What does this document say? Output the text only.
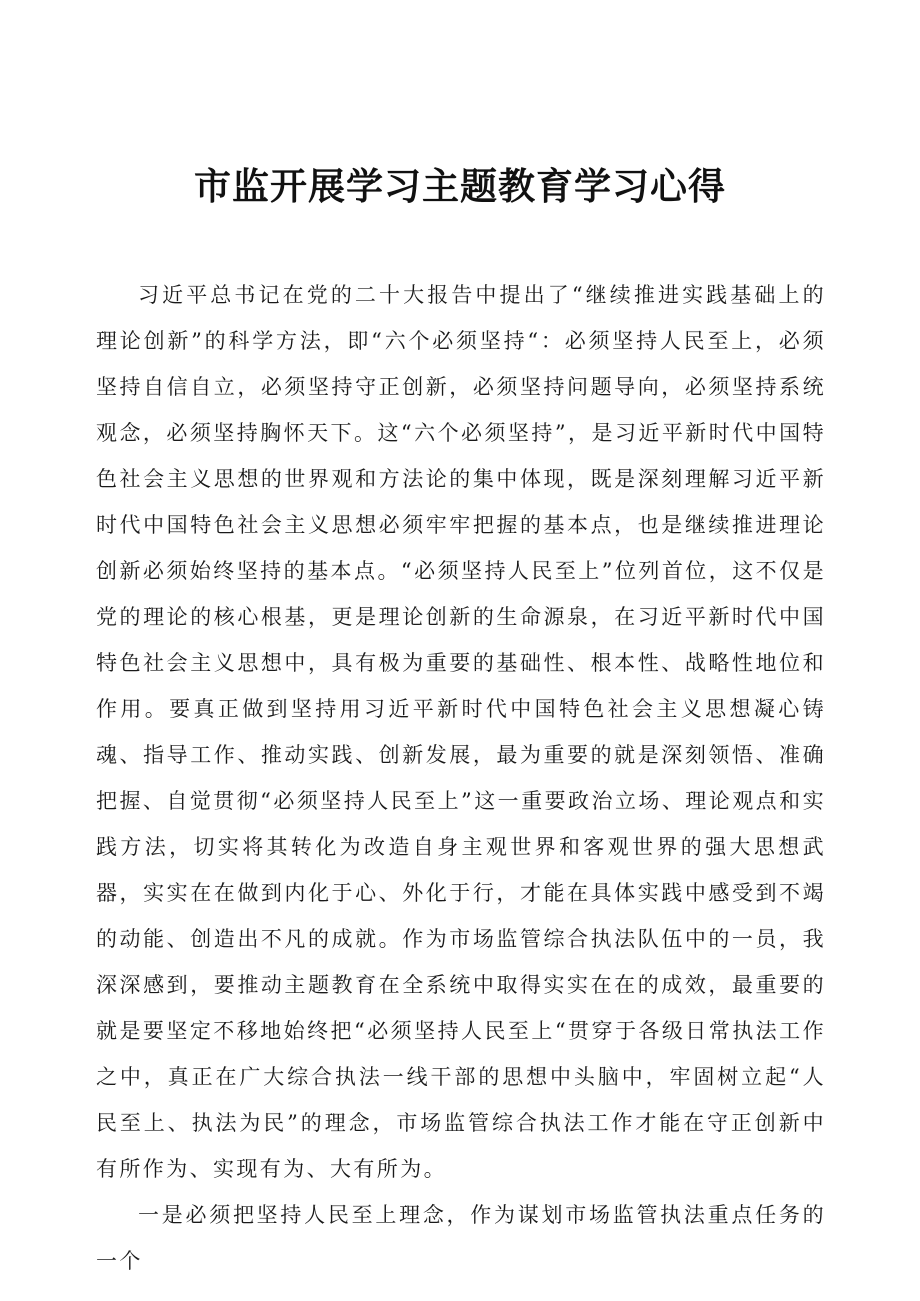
市监开展学习主题教育学习心得

习近平总书记在党的二十大报告中提出了“继续推进实践基础上的理论创新”的科学方法，即“六个必须坚持“：必须坚持人民至上，必须坚持自信自立，必须坚持守正创新，必须坚持问题导向，必须坚持系统观念，必须坚持胸怀天下。这“六个必须坚持”，是习近平新时代中国特色社会主义思想的世界观和方法论的集中体现，既是深刻理解习近平新时代中国特色社会主义思想必须牢牢把握的基本点，也是继续推进理论创新必须始终坚持的基本点。“必须坚持人民至上”位列首位，这不仅是党的理论的核心根基，更是理论创新的生命源泉，在习近平新时代中国特色社会主义思想中，具有极为重要的基础性、根本性、战略性地位和作用。要真正做到坚持用习近平新时代中国特色社会主义思想凝心铸魂、指导工作、推动实践、创新发展，最为重要的就是深刻领悟、准确把握、自觉贯彻“必须坚持人民至上”这一重要政治立场、理论观点和实践方法，切实将其转化为改造自身主观世界和客观世界的强大思想武器，实实在在做到内化于心、外化于行，才能在具体实践中感受到不竭的动能、创造出不凡的成就。作为市场监管综合执法队伍中的一员，我深深感到，要推动主题教育在全系统中取得实实在在的成效，最重要的就是要坚定不移地始终把“必须坚持人民至上“贯穿于各级日常执法工作之中，真正在广大综合执法一线干部的思想中头脑中，牢固树立起“人民至上、执法为民”的理念，市场监管综合执法工作才能在守正创新中有所作为、实现有为、大有所为。

一是必须把坚持人民至上理念，作为谋划市场监管执法重点任务的一个
